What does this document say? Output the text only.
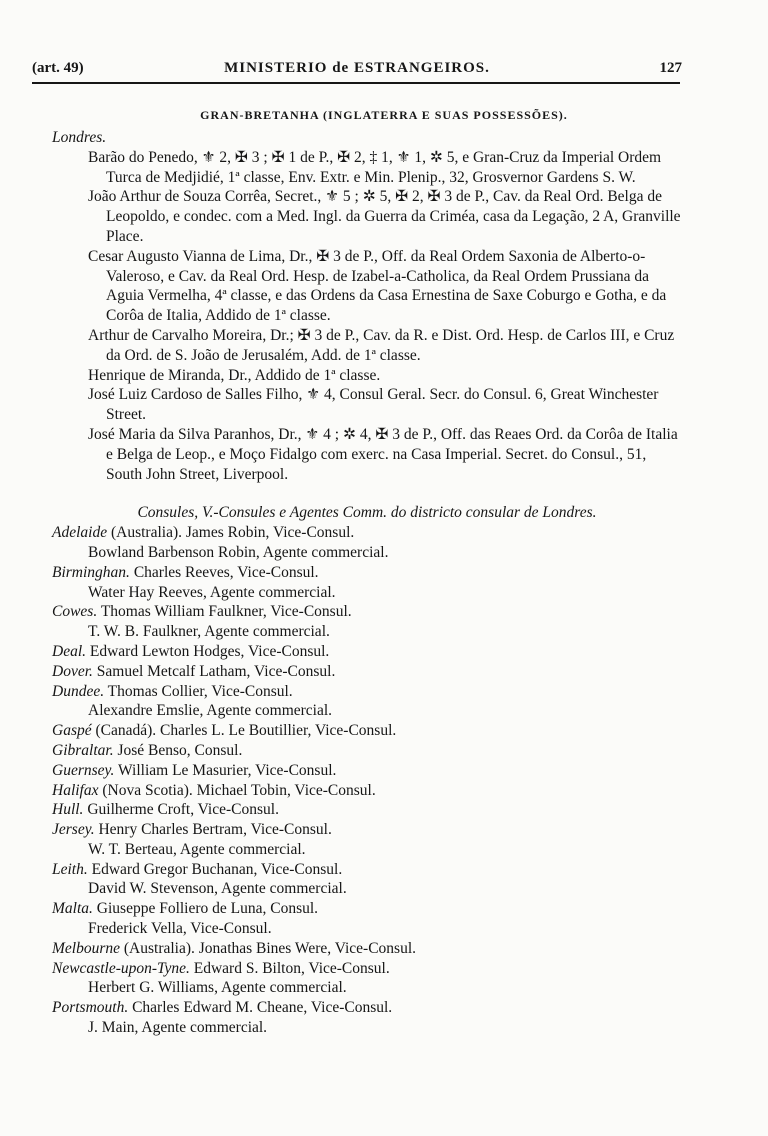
(art. 49)	MINISTERIO de ESTRANGEIROS.	127
GRAN-BRETANHA (INGLATERRA E SUAS POSSESSÕES).
Londres.
Barão do Penedo, ⚜ 2, ✠ 3 ; ✠ 1 de P., ✠ 2, ‡ 1, ⚜ 1, ✲ 5, e Gran-Cruz da Imperial Ordem Turca de Medjidié, 1ª classe, Env. Extr. e Min. Plenip., 32, Grosvernor Gardens S. W.
João Arthur de Souza Corrêa, Secret., ⚜ 5 ; ✲ 5, ✠ 2, ✠ 3 de P., Cav. da Real Ord. Belga de Leopoldo, e condec. com a Med. Ingl. da Guerra da Criméa, casa da Legação, 2 A, Granville Place.
Cesar Augusto Vianna de Lima, Dr., ✠ 3 de P., Off. da Real Ordem Saxonia de Alberto-o-Valeroso, e Cav. da Real Ord. Hesp. de Izabel-a-Catholica, da Real Ordem Prussiana da Aguia Vermelha, 4ª classe, e das Ordens da Casa Ernestina de Saxe Coburgo e Gotha, e da Corôa de Italia, Addido de 1ª classe.
Arthur de Carvalho Moreira, Dr.; ✠ 3 de P., Cav. da R. e Dist. Ord. Hesp. de Carlos III, e Cruz da Ord. de S. João de Jerusalém, Add. de 1ª classe.
Henrique de Miranda, Dr., Addido de 1ª classe.
José Luiz Cardoso de Salles Filho, ⚜ 4, Consul Geral. Secr. do Consul. 6, Great Winchester Street.
José Maria da Silva Paranhos, Dr., ⚜ 4 ; ✲ 4, ✠ 3 de P., Off. das Reaes Ord. da Corôa de Italia e Belga de Leop., e Moço Fidalgo com exerc. na Casa Imperial. Secret. do Consul., 51, South John Street, Liverpool.
Consules, V.-Consules e Agentes Comm. do districto consular de Londres.
Adelaide (Australia). James Robin, Vice-Consul.
Bowland Barbenson Robin, Agente commercial.
Birminghan. Charles Reeves, Vice-Consul.
Water Hay Reeves, Agente commercial.
Cowes. Thomas William Faulkner, Vice-Consul.
T. W. B. Faulkner, Agente commercial.
Deal. Edward Lewton Hodges, Vice-Consul.
Dover. Samuel Metcalf Latham, Vice-Consul.
Dundee. Thomas Collier, Vice-Consul.
Alexandre Emslie, Agente commercial.
Gaspé (Canadá). Charles L. Le Boutillier, Vice-Consul.
Gibraltar. José Benso, Consul.
Guernsey. William Le Masurier, Vice-Consul.
Halifax (Nova Scotia). Michael Tobin, Vice-Consul.
Hull. Guilherme Croft, Vice-Consul.
Jersey. Henry Charles Bertram, Vice-Consul.
W. T. Berteau, Agente commercial.
Leith. Edward Gregor Buchanan, Vice-Consul.
David W. Stevenson, Agente commercial.
Malta. Giuseppe Folliero de Luna, Consul.
Frederick Vella, Vice-Consul.
Melbourne (Australia). Jonathas Bines Were, Vice-Consul.
Newcastle-upon-Tyne. Edward S. Bilton, Vice-Consul.
Herbert G. Williams, Agente commercial.
Portsmouth. Charles Edward M. Cheane, Vice-Consul.
J. Main, Agente commercial.
